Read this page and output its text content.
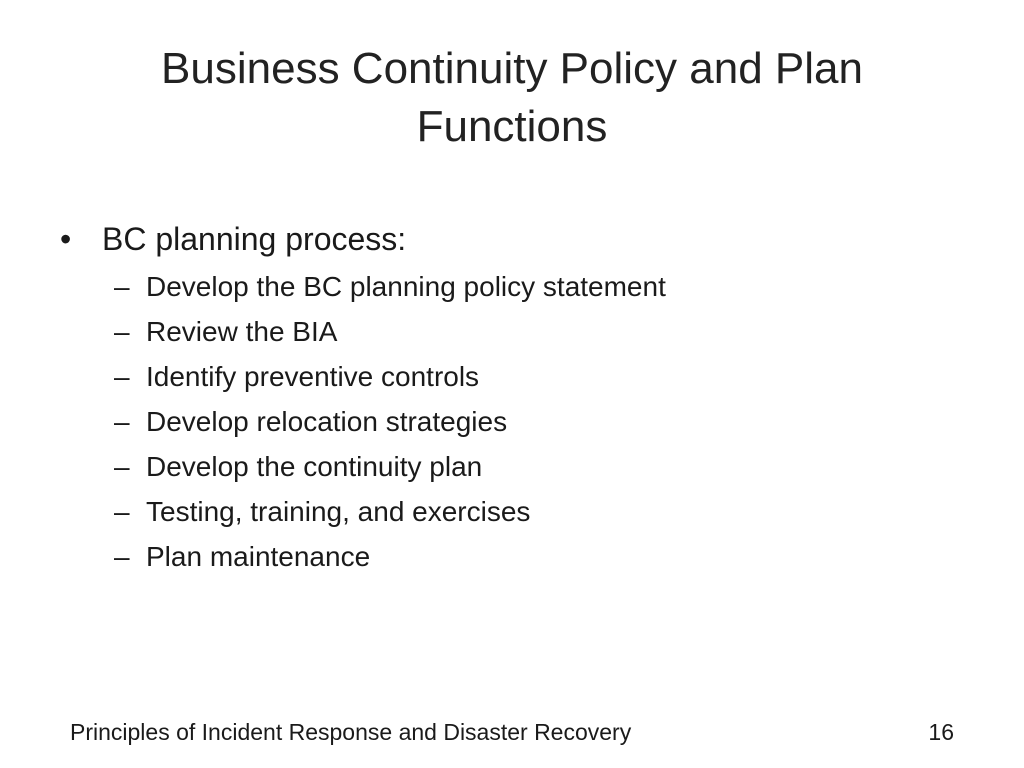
Business Continuity Policy and Plan
Functions
• BC planning process:
– Develop the BC planning policy statement
– Review the BIA
– Identify preventive controls
– Develop relocation strategies
– Develop the continuity plan
– Testing, training, and exercises
– Plan maintenance
Principles of Incident Response and Disaster Recovery	16
